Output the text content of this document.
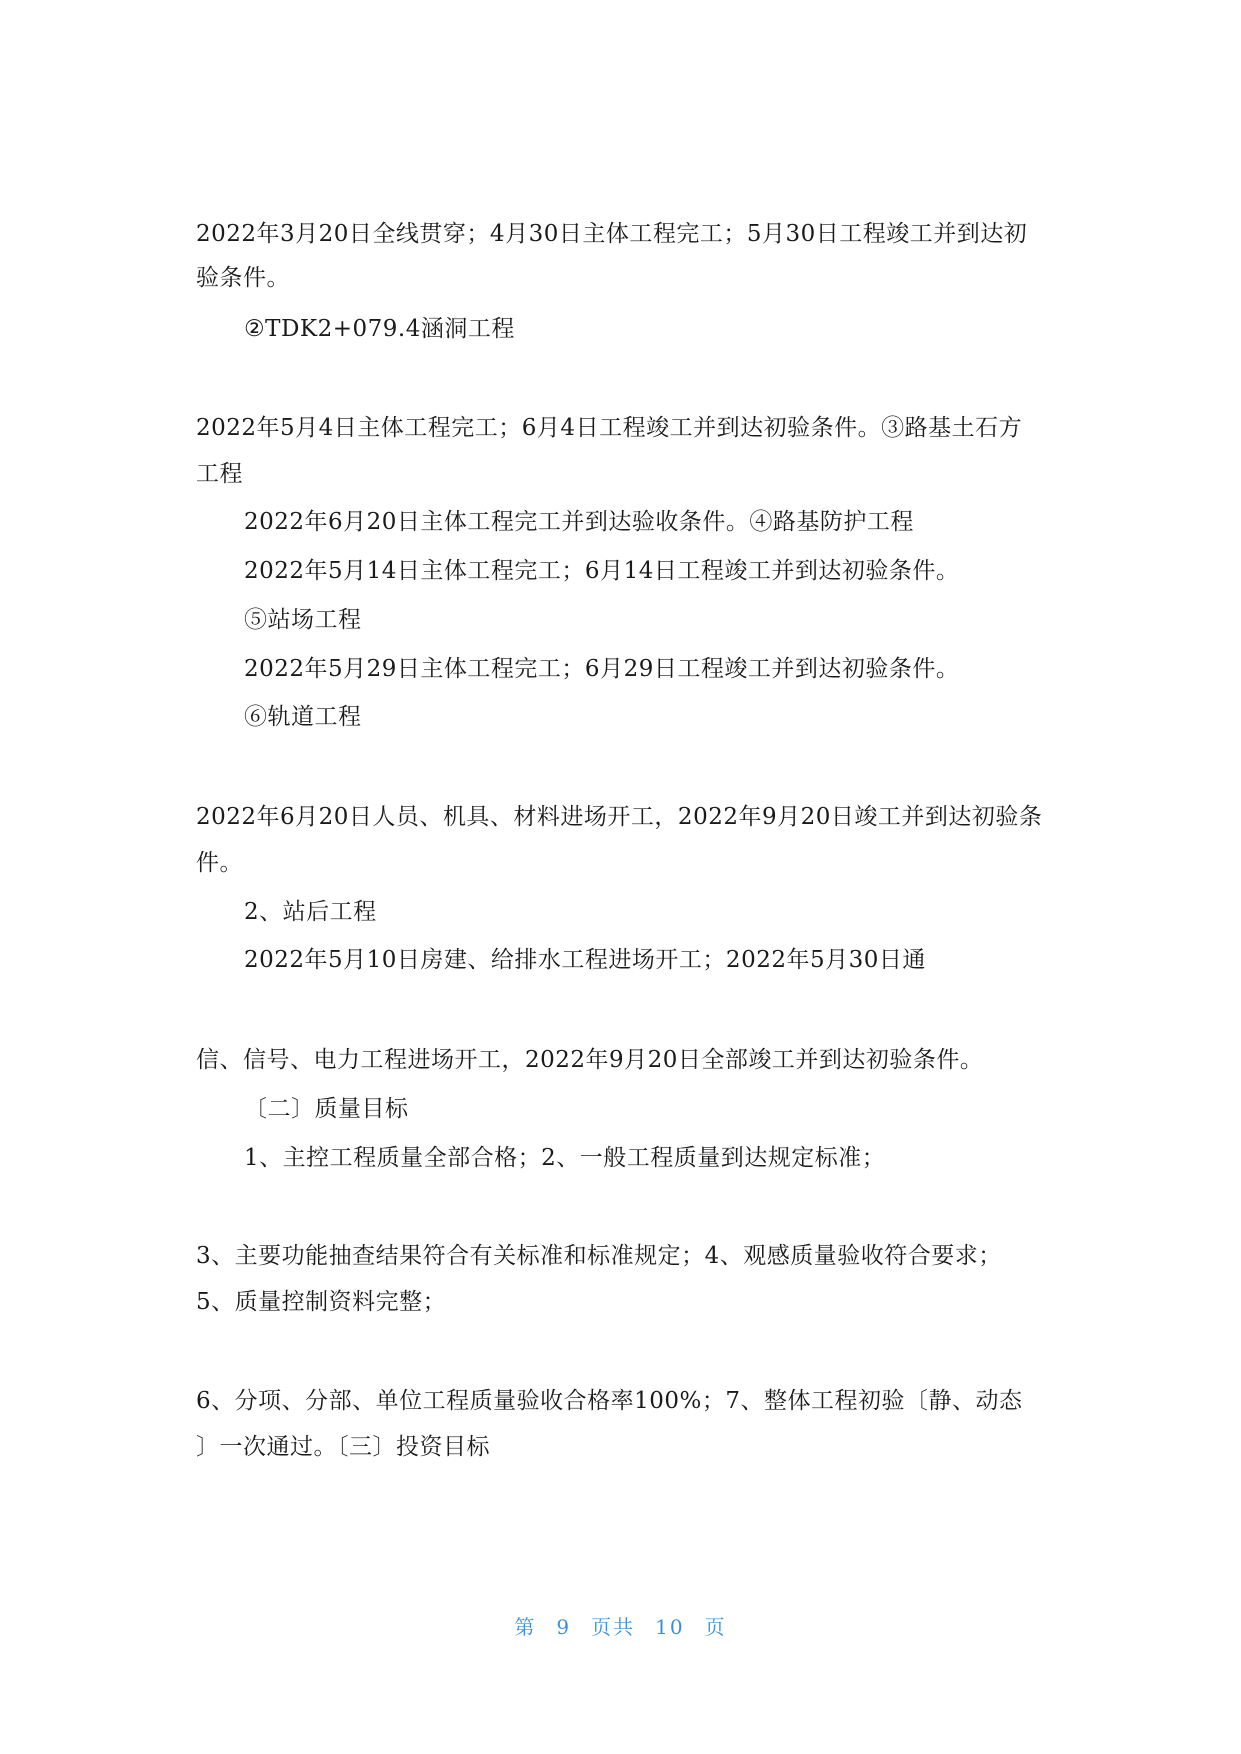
2022年3月20日全线贯穿；4月30日主体工程完工；5月30日工程竣工并到达初
验条件。
②TDK2+079.4涵洞工程
2022年5月4日主体工程完工；6月4日工程竣工并到达初验条件。③路基土石方
工程
2022年6月20日主体工程完工并到达验收条件。④路基防护工程
2022年5月14日主体工程完工；6月14日工程竣工并到达初验条件。
⑤站场工程
2022年5月29日主体工程完工；6月29日工程竣工并到达初验条件。
⑥轨道工程
2022年6月20日人员、机具、材料进场开工，2022年9月20日竣工并到达初验条
件。
2、站后工程
2022年5月10日房建、给排水工程进场开工；2022年5月30日通
信、信号、电力工程进场开工，2022年9月20日全部竣工并到达初验条件。
〔二〕质量目标
1、主控工程质量全部合格；2、一般工程质量到达规定标准；
3、主要功能抽查结果符合有关标准和标准规定；4、观感质量验收符合要求；
5、质量控制资料完整；
6、分项、分部、单位工程质量验收合格率100%；7、整体工程初验〔静、动态
〕一次通过。〔三〕投资目标
第 9 页共 10 页
